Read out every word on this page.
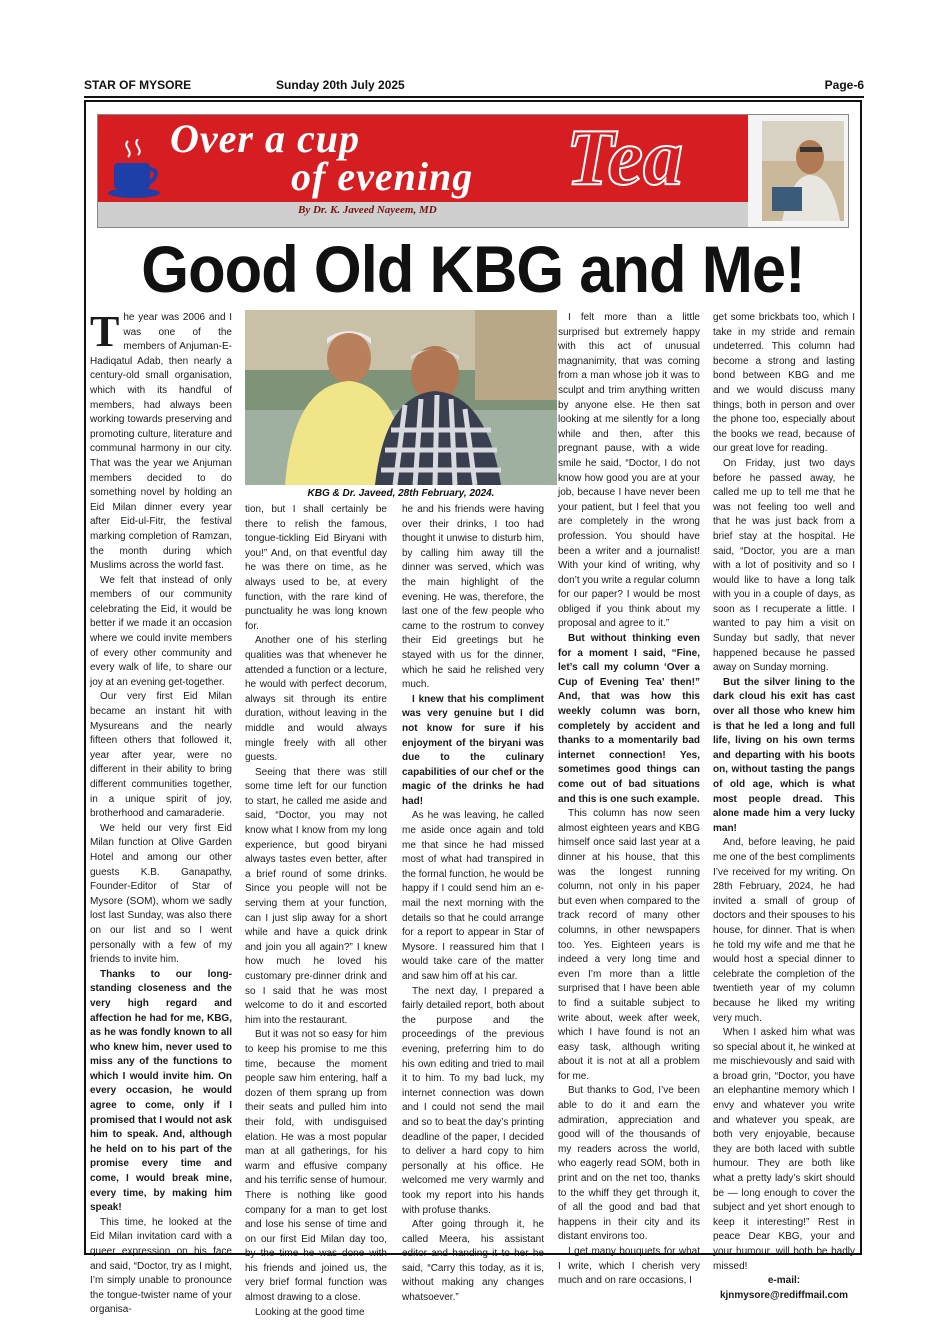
STAR OF MYSORE	Sunday 20th July 2025	Page-6
Over a cup
of evening Tea
By Dr. K. Javeed Nayeem, MD
Good Old KBG and Me!
KBG & Dr. Javeed, 28th February, 2024.
T he year was 2006 and I was one of the members of Anjuman-E-Hadiqatul Adab, then nearly a century-old small organisation, which with its handful of members, had always been working towards preserving and promoting culture, literature and communal harmony in our city. That was the year we Anjuman members decided to do something novel by holding an Eid Milan dinner every year after Eid-ul-Fitr, the festival marking completion of Ramzan, the month during which Muslims across the world fast.

We felt that instead of only members of our community celebrating the Eid, it would be better if we made it an occasion where we could invite members of every other community and every walk of life, to share our joy at an evening get-together.

Our very first Eid Milan became an instant hit with Mysureans and the nearly fifteen others that followed it, year after year, were no different in their ability to bring different communities together, in a unique spirit of joy, brotherhood and camaraderie.

We held our very first Eid Milan function at Olive Garden Hotel and among our other guests K.B. Ganapathy, Founder-Editor of Star of Mysore (SOM), whom we sadly lost last Sunday, was also there on our list and so I went personally with a few of my friends to invite him.

Thanks to our long-standing closeness and the very high regard and affection he had for me, KBG, as he was fondly known to all who knew him, never used to miss any of the functions to which I would invite him. On every occasion, he would agree to come, only if I promised that I would not ask him to speak. And, although he held on to his part of the promise every time and come, I would break mine, every time, by making him speak!

This time, he looked at the Eid Milan invitation card with a queer expression on his face and said, “Doctor, try as I might, I’m simply unable to pronounce the tongue-twister name of your organisa-

tion, but I shall certainly be there to relish the famous, tongue-tickling Eid Biryani with you!” And, on that eventful day he was there on time, as he always used to be, at every function, with the rare kind of punctuality he was long known for.

Another one of his sterling qualities was that whenever he attended a function or a lecture, he would with perfect decorum, always sit through its entire duration, without leaving in the middle and would always mingle freely with all other guests.

Seeing that there was still some time left for our function to start, he called me aside and said, “Doctor, you may not know what I know from my long experience, but good biryani always tastes even better, after a brief round of some drinks. Since you people will not be serving them at your function, can I just slip away for a short while and have a quick drink and join you all again?” I knew how much he loved his customary pre-dinner drink and so I said that he was most welcome to do it and escorted him into the restaurant.

But it was not so easy for him to keep his promise to me this time, because the moment people saw him entering, half a dozen of them sprang up from their seats and pulled him into their fold, with undisguised elation. He was a most popular man at all gatherings, for his warm and effusive company and his terrific sense of humour. There is nothing like good company for a man to get lost and lose his sense of time and on our first Eid Milan day too, by the time he was done with his friends and joined us, the very brief formal function was almost drawing to a close.

Looking at the good time

he and his friends were having over their drinks, I too had thought it unwise to disturb him, by calling him away till the dinner was served, which was the main highlight of the evening. He was, therefore, the last one of the few people who came to the rostrum to convey their Eid greetings but he stayed with us for the dinner, which he said he relished very much.

I knew that his compliment was very genuine but I did not know for sure if his enjoyment of the biryani was due to the culinary capabilities of our chef or the magic of the drinks he had had!

As he was leaving, he called me aside once again and told me that since he had missed most of what had transpired in the formal function, he would be happy if I could send him an e-mail the next morning with the details so that he could arrange for a report to appear in Star of Mysore. I reassured him that I would take care of the matter and saw him off at his car.

The next day, I prepared a fairly detailed report, both about the purpose and the proceedings of the previous evening, preferring him to do his own editing and tried to mail it to him. To my bad luck, my internet connection was down and I could not send the mail and so to beat the day’s printing deadline of the paper, I decided to deliver a hard copy to him personally at his office. He welcomed me very warmly and took my report into his hands with profuse thanks.

After going through it, he called Meera, his assistant editor and handing it to her he said, “Carry this today, as it is, without making any changes whatsoever.”

I felt more than a little surprised but extremely happy with this act of unusual magnanimity, that was coming from a man whose job it was to sculpt and trim anything written by anyone else. He then sat looking at me silently for a long while and then, after this pregnant pause, with a wide smile he said, “Doctor, I do not know how good you are at your job, because I have never been your patient, but I feel that you are completely in the wrong profession. You should have been a writer and a journalist! With your kind of writing, why don’t you write a regular column for our paper? I would be most obliged if you think about my proposal and agree to it.”

But without thinking even for a moment I said, “Fine, let’s call my column ‘Over a Cup of Evening Tea’ then!” And, that was how this weekly column was born, completely by accident and thanks to a momentarily bad internet connection! Yes, sometimes good things can come out of bad situations and this is one such example.

This column has now seen almost eighteen years and KBG himself once said last year at a dinner at his house, that this was the longest running column, not only in his paper but even when compared to the track record of many other columns, in other newspapers too. Yes. Eighteen years is indeed a very long time and even I’m more than a little surprised that I have been able to find a suitable subject to write about, week after week, which I have found is not an easy task, although writing about it is not at all a problem for me.

But thanks to God, I’ve been able to do it and earn the admiration, appreciation and good will of the thousands of my readers across the world, who eagerly read SOM, both in print and on the net too, thanks to the whiff they get through it, of all the good and bad that happens in their city and its distant environs too.

I get many bouquets for what I write, which I cherish very much and on rare occasions, I

get some brickbats too, which I take in my stride and remain undeterred. This column had become a strong and lasting bond between KBG and me and we would discuss many things, both in person and over the phone too, especially about the books we read, because of our great love for reading.

On Friday, just two days before he passed away, he called me up to tell me that he was not feeling too well and that he was just back from a brief stay at the hospital. He said, “Doctor, you are a man with a lot of positivity and so I would like to have a long talk with you in a couple of days, as soon as I recuperate a little. I wanted to pay him a visit on Sunday but sadly, that never happened because he passed away on Sunday morning.

But the silver lining to the dark cloud his exit has cast over all those who knew him is that he led a long and full life, living on his own terms and departing with his boots on, without tasting the pangs of old age, which is what most people dread. This alone made him a very lucky man!

And, before leaving, he paid me one of the best compliments I’ve received for my writing. On 28th February, 2024, he had invited a small of group of doctors and their spouses to his house, for dinner. That is when he told my wife and me that he would host a special dinner to celebrate the completion of the twentieth year of my column because he liked my writing very much.

When I asked him what was so special about it, he winked at me mischievously and said with a broad grin, “Doctor, you have an elephantine memory which I envy and whatever you write and whatever you speak, are both very enjoyable, because they are both laced with subtle humour. They are both like what a pretty lady’s skirt should be — long enough to cover the subject and yet short enough to keep it interesting!” Rest in peace Dear KBG, your and your humour, will both be badly missed!

e-mail:
kjnmysore@rediffmail.com
